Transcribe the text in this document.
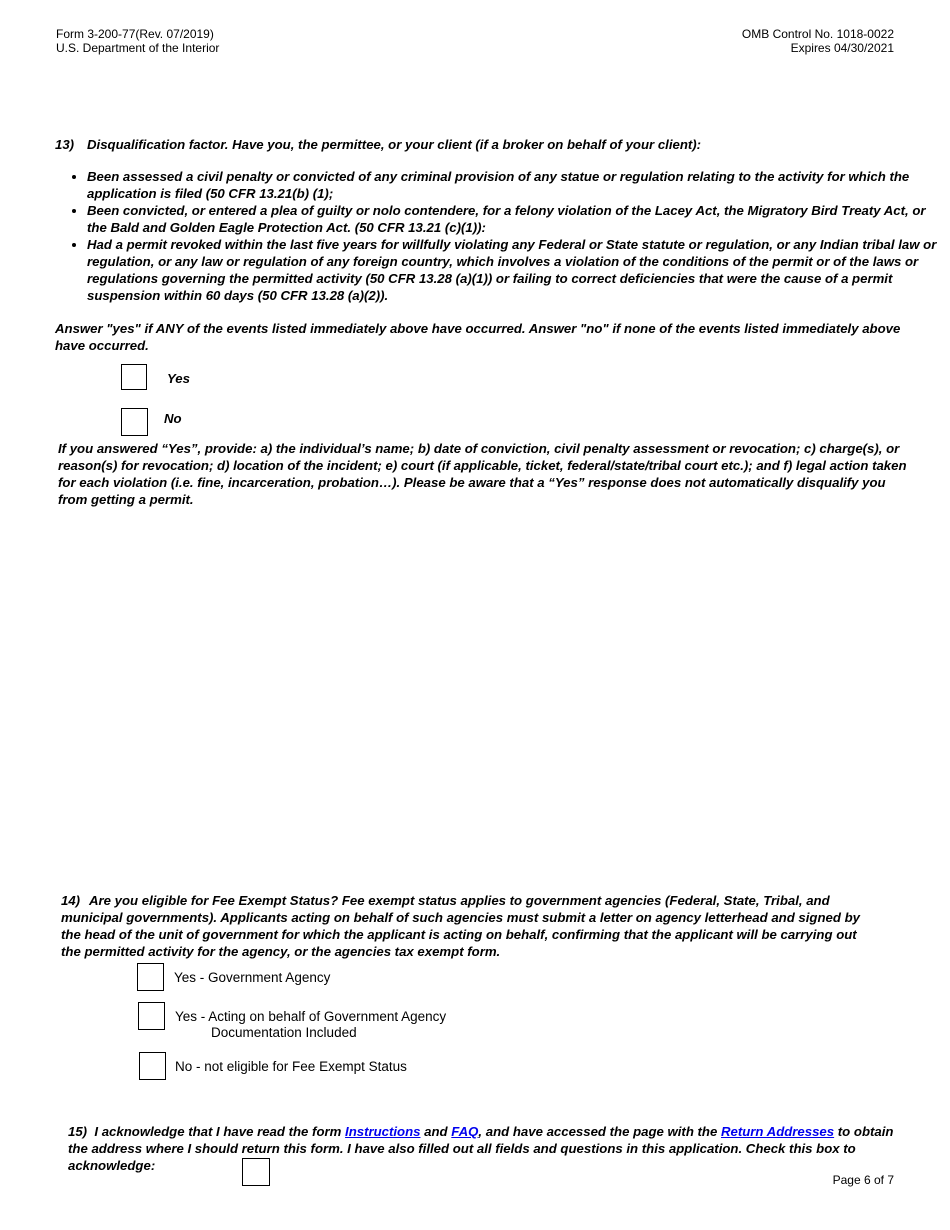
Form 3-200-77(Rev. 07/2019)
U.S. Department of the Interior
OMB Control No. 1018-0022
Expires 04/30/2021
13) Disqualification factor. Have you, the permittee, or your client (if a broker on behalf of your client):
• Been assessed a civil penalty or convicted of any criminal provision of any statue or regulation relating to the activity for which the application is filed (50 CFR 13.21(b) (1);
• Been convicted, or entered a plea of guilty or nolo contendere, for a felony violation of the Lacey Act, the Migratory Bird Treaty Act, or the Bald and Golden Eagle Protection Act. (50 CFR 13.21 (c)(1)):
• Had a permit revoked within the last five years for willfully violating any Federal or State statute or regulation, or any Indian tribal law or regulation, or any law or regulation of any foreign country, which involves a violation of the conditions of the permit or of the laws or regulations governing the permitted activity (50 CFR 13.28 (a)(1)) or failing to correct deficiencies that were the cause of a permit suspension within 60 days (50 CFR 13.28 (a)(2)).
Answer "yes" if ANY of the events listed immediately above have occurred. Answer "no" if none of the events listed immediately above have occurred.
Yes
No
If you answered “Yes”, provide: a) the individual’s name; b) date of conviction, civil penalty assessment or revocation; c) charge(s), or reason(s) for revocation; d) location of the incident; e) court (if applicable, ticket, federal/state/tribal court etc.); and f) legal action taken for each violation (i.e. fine, incarceration, probation…). Please be aware that a “Yes” response does not automatically disqualify you from getting a permit.
14) Are you eligible for Fee Exempt Status? Fee exempt status applies to government agencies (Federal, State, Tribal, and municipal governments). Applicants acting on behalf of such agencies must submit a letter on agency letterhead and signed by the head of the unit of government for which the applicant is acting on behalf, confirming that the applicant will be carrying out the permitted activity for the agency, or the agencies tax exempt form.
Yes - Government Agency
Yes - Acting on behalf of Government Agency
Documentation Included
No - not eligible for Fee Exempt Status
15) I acknowledge that I have read the form Instructions and FAQ, and have accessed the page with the Return Addresses to obtain the address where I should return this form. I have also filled out all fields and questions in this application. Check this box to acknowledge:
Page 6 of 7
